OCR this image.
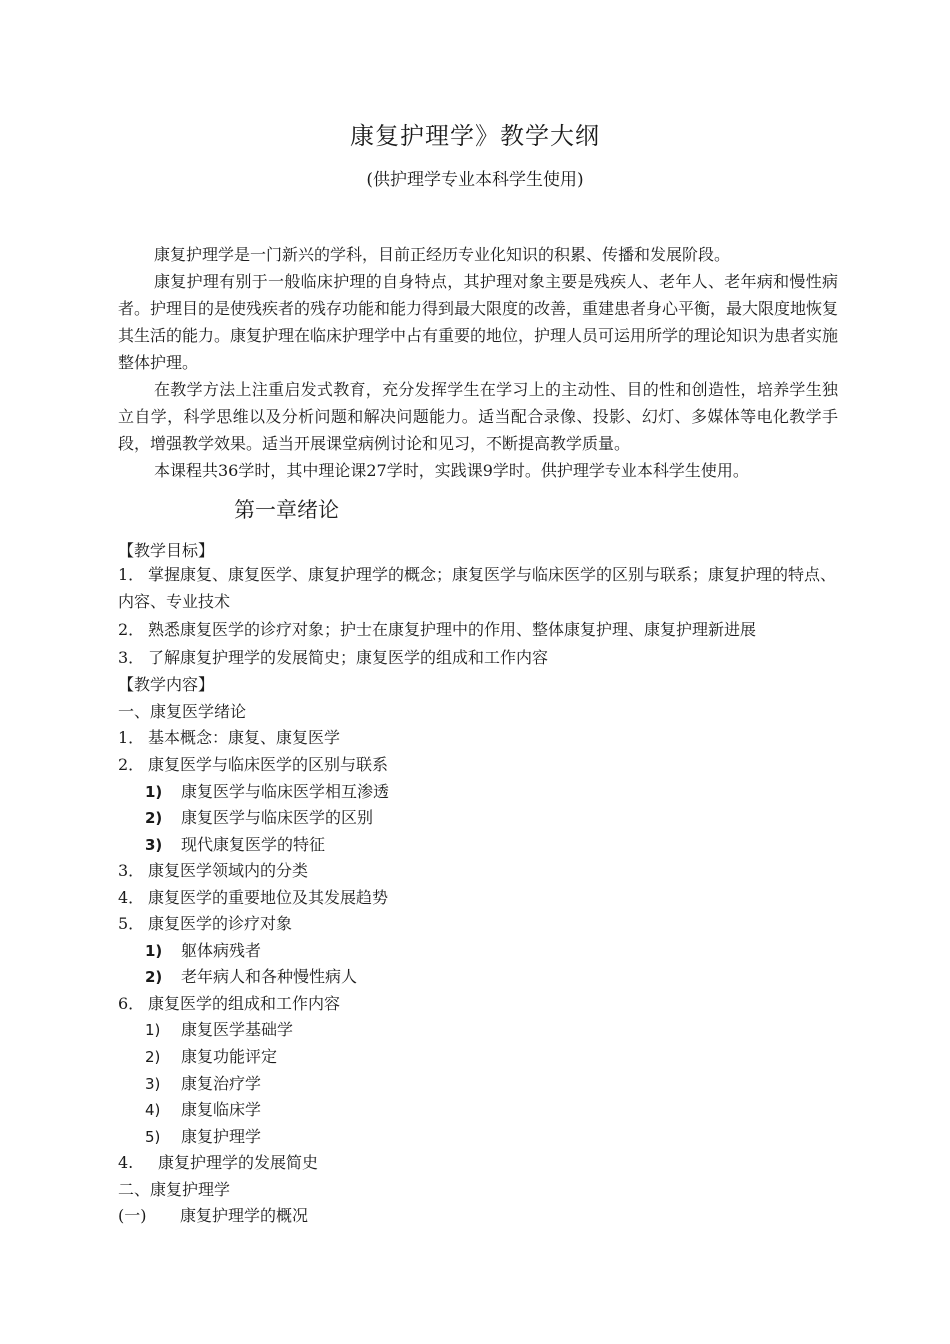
康复护理学》教学大纲
(供护理学专业本科学生使用)

康复护理学是一门新兴的学科，目前正经历专业化知识的积累、传播和发展阶段。

康复护理有别于一般临床护理的自身特点，其护理对象主要是残疾人、老年人、老年病和慢性病者。护理目的是使残疾者的残存功能和能力得到最大限度的改善，重建患者身心平衡，最大限度地恢复其生活的能力。康复护理在临床护理学中占有重要的地位，护理人员可运用所学的理论知识为患者实施整体护理。

在教学方法上注重启发式教育，充分发挥学生在学习上的主动性、目的性和创造性，培养学生独立自学，科学思维以及分析问题和解决问题能力。适当配合录像、投影、幻灯、多媒体等电化教学手段，增强教学效果。适当开展课堂病例讨论和见习，不断提高教学质量。

本课程共36学时，其中理论课27学时，实践课9学时。供护理学专业本科学生使用。

第一章绪论
【教学目标】
1． 掌握康复、康复医学、康复护理学的概念；康复医学与临床医学的区别与联系；康复护理的特点、内容、专业技术
2． 熟悉康复医学的诊疗对象；护士在康复护理中的作用、整体康复护理、康复护理新进展
3． 了解康复护理学的发展简史；康复医学的组成和工作内容
【教学内容】
一、康复医学绪论
1． 基本概念：康复、康复医学
2． 康复医学与临床医学的区别与联系
1) 康复医学与临床医学相互渗透
2) 康复医学与临床医学的区别
3) 现代康复医学的特征
3． 康复医学领域内的分类
4． 康复医学的重要地位及其发展趋势
5． 康复医学的诊疗对象
1) 躯体病残者
2) 老年病人和各种慢性病人
6． 康复医学的组成和工作内容
1) 康复医学基础学
2) 康复功能评定
3) 康复治疗学
4) 康复临床学
5) 康复护理学
4. 康复护理学的发展简史
二、康复护理学
(一) 康复护理学的概况
